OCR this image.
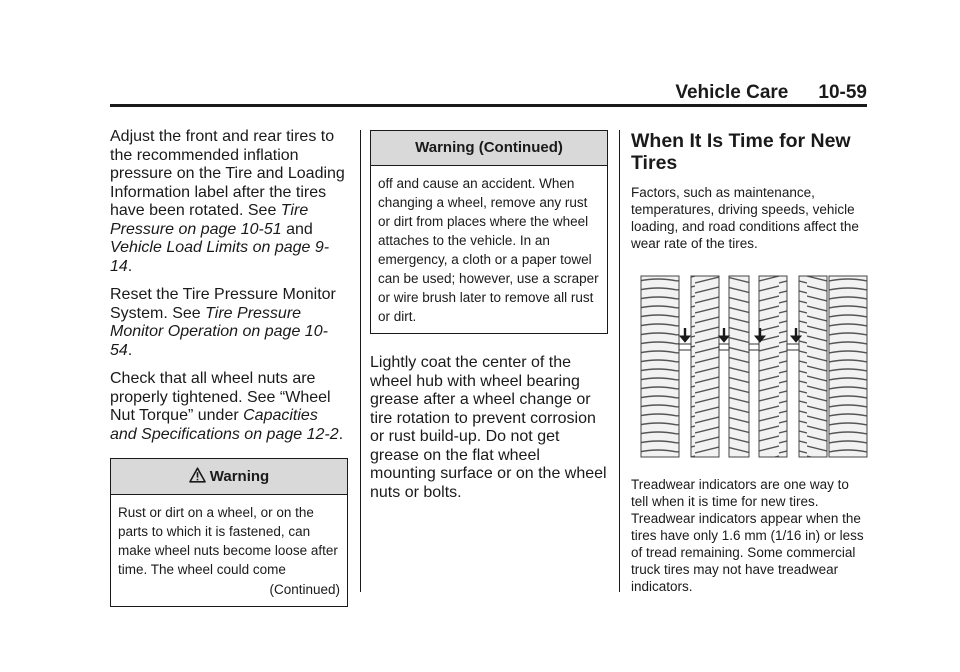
Vehicle Care 10-59

Adjust the front and rear tires to the recommended inflation pressure on the Tire and Loading Information label after the tires have been rotated. See Tire Pressure on page 10-51 and Vehicle Load Limits on page 9-14.

Reset the Tire Pressure Monitor System. See Tire Pressure Monitor Operation on page 10-54.

Check that all wheel nuts are properly tightened. See “Wheel Nut Torque” under Capacities and Specifications on page 12-2.

Warning
Rust or dirt on a wheel, or on the parts to which it is fastened, can make wheel nuts become loose after time. The wheel could come
(Continued)
Warning (Continued)
off and cause an accident. When changing a wheel, remove any rust or dirt from places where the wheel attaches to the vehicle. In an emergency, a cloth or a paper towel can be used; however, use a scraper or wire brush later to remove all rust or dirt.

Lightly coat the center of the wheel hub with wheel bearing grease after a wheel change or tire rotation to prevent corrosion or rust build-up. Do not get grease on the flat wheel mounting surface or on the wheel nuts or bolts.

When It Is Time for New Tires

Factors, such as maintenance, temperatures, driving speeds, vehicle loading, and road conditions affect the wear rate of the tires.

Treadwear indicators are one way to tell when it is time for new tires. Treadwear indicators appear when the tires have only 1.6 mm (1/16 in) or less of tread remaining. Some commercial truck tires may not have treadwear indicators.
